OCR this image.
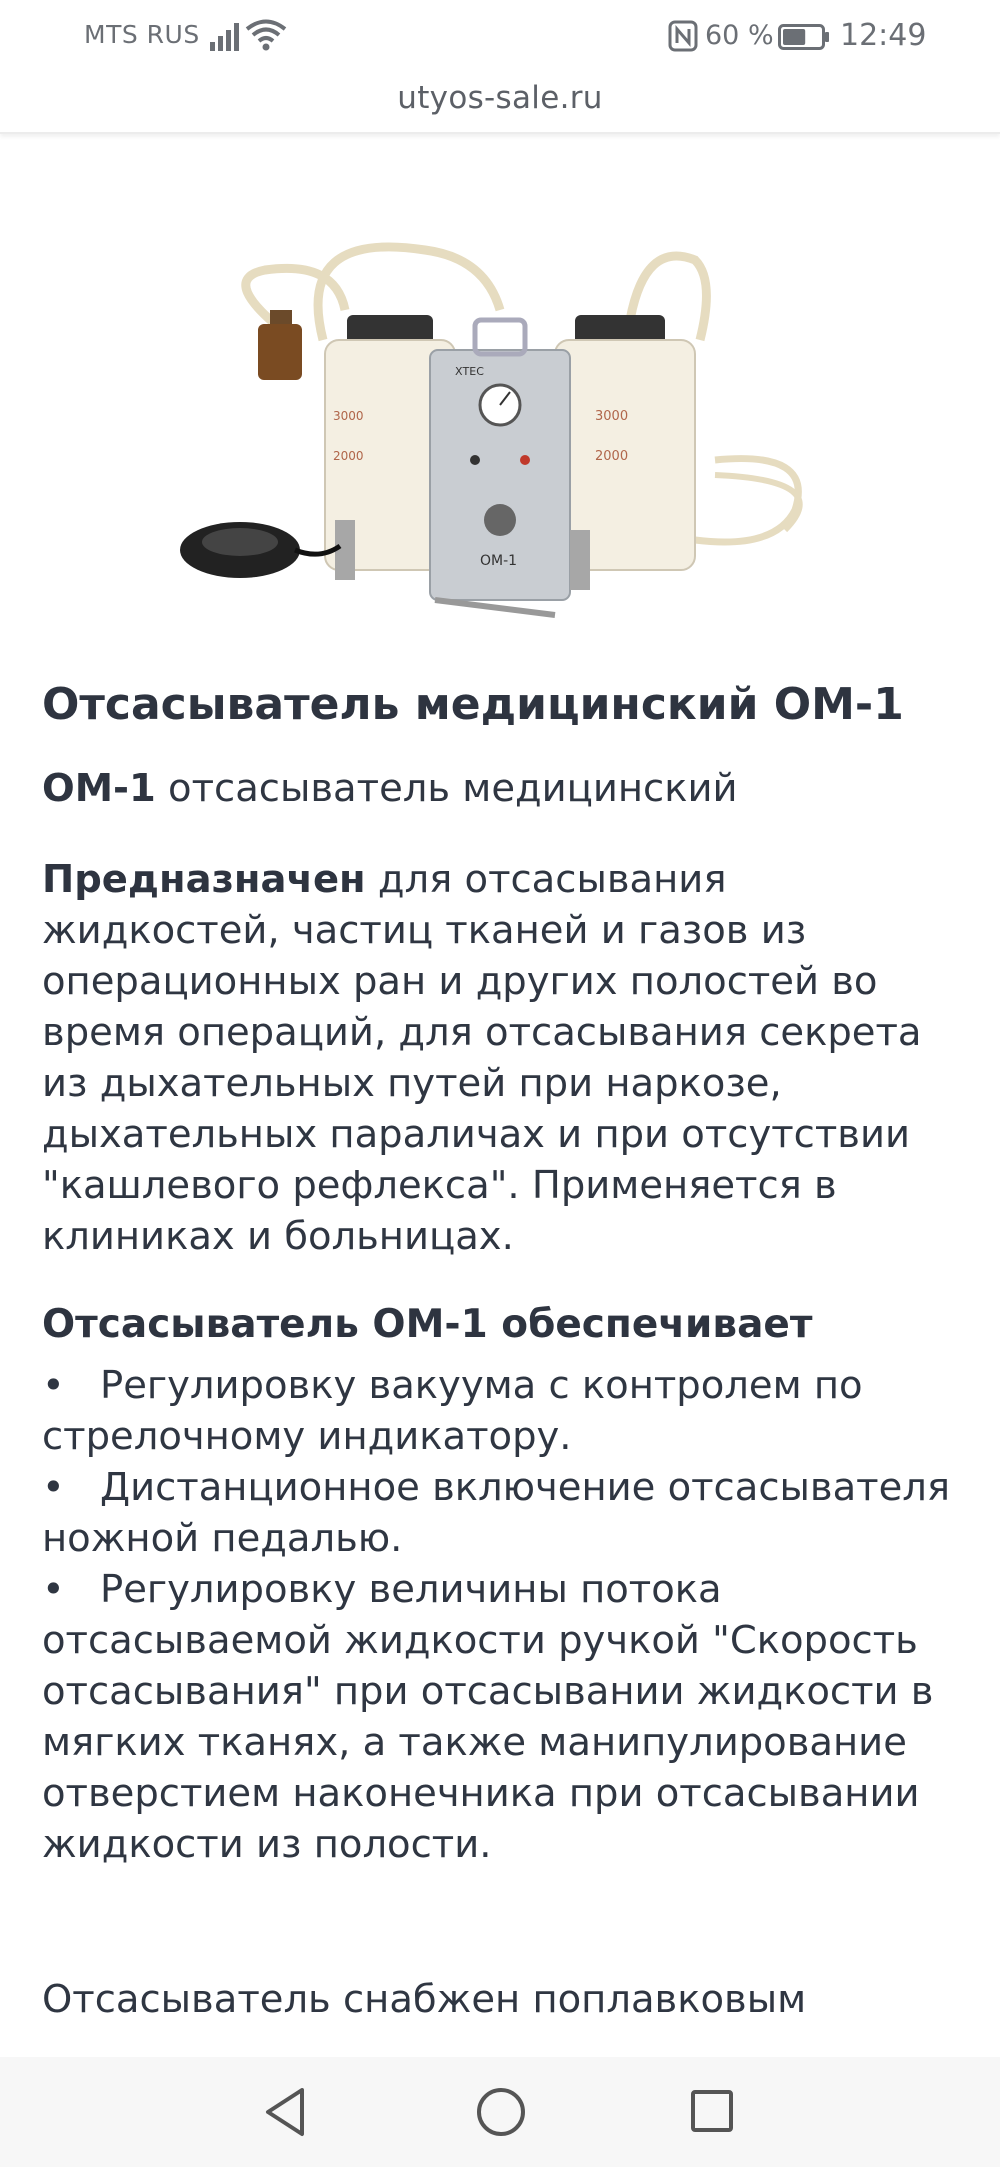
MTS RUS	60 % 12:49
utyos-sale.ru
3000
2000
3000
2000
ХТЕС
ОМ-1
Отсасыватель медицинский ОМ-1

ОМ-1 отсасыватель медицинский

Предназначен для отсасывания жидкостей, частиц тканей и газов из операционных ран и других полостей во время операций, для отсасывания секрета из дыхательных путей при наркозе, дыхательных параличах и при отсутствии "кашлевого рефлекса". Применяется в клиниках и больницах.

Отсасыватель ОМ-1 обеспечивает
• Регулировку вакуума с контролем по стрелочному индикатору.
• Дистанционное включение отсасывателя ножной педалью.
• Регулировку величины потока отсасываемой жидкости ручкой "Скорость отсасывания" при отсасывании жидкости в мягких тканях, а также манипулирование отверстием наконечника при отсасывании жидкости из полости.

Отсасыватель снабжен поплавковым
